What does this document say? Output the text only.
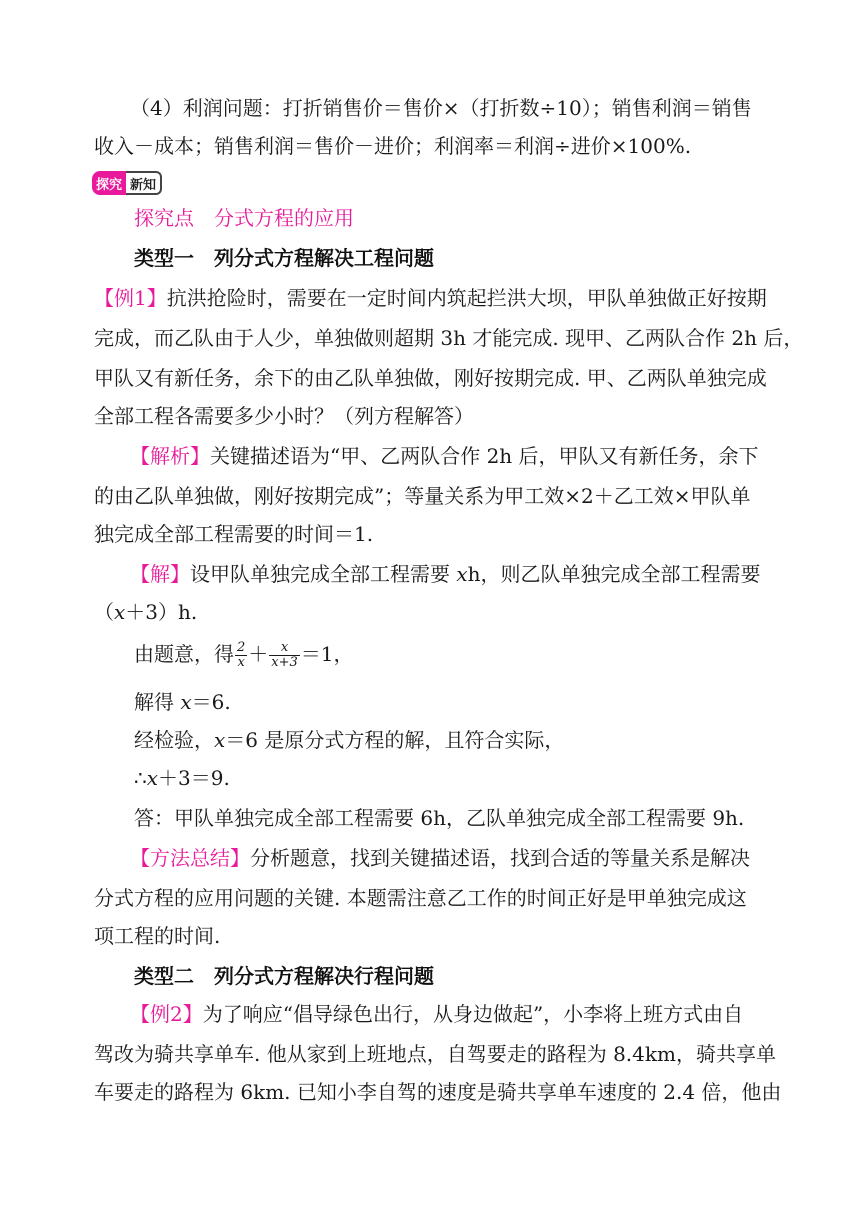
（4）利润问题：打折销售价＝售价×（打折数÷10）；销售利润＝销售
收入－成本；销售利润＝售价－进价；利润率＝利润÷进价×100%.
探究 新知
探究点　分式方程的应用
类型一　列分式方程解决工程问题
【例1】抗洪抢险时，需要在一定时间内筑起拦洪大坝，甲队单独做正好按期
完成，而乙队由于人少，单独做则超期 3h 才能完成. 现甲、乙两队合作 2h 后，
甲队又有新任务，余下的由乙队单独做，刚好按期完成. 甲、乙两队单独完成
全部工程各需要多少小时？（列方程解答）
【解析】关键描述语为“甲、乙两队合作 2h 后，甲队又有新任务，余下
的由乙队单独做，刚好按期完成”；等量关系为甲工效×2＋乙工效×甲队单
独完成全部工程需要的时间＝1.
【解】设甲队单独完成全部工程需要 xh，则乙队单独完成全部工程需要
（x＋3）h.
由题意，得 $\frac{2}{x} + \frac{x}{x+3} =1$，
解得 x＝6.
经检验，x＝6 是原分式方程的解，且符合实际，
∴x＋3＝9.
答：甲队单独完成全部工程需要 6h，乙队单独完成全部工程需要 9h.
【方法总结】分析题意，找到关键描述语，找到合适的等量关系是解决
分式方程的应用问题的关键. 本题需注意乙工作的时间正好是甲单独完成这
项工程的时间.
类型二　列分式方程解决行程问题
【例2】为了响应“倡导绿色出行，从身边做起”，小李将上班方式由自
驾改为骑共享单车. 他从家到上班地点，自驾要走的路程为 8.4km，骑共享单
车要走的路程为 6km. 已知小李自驾的速度是骑共享单车速度的 2.4 倍，他由
